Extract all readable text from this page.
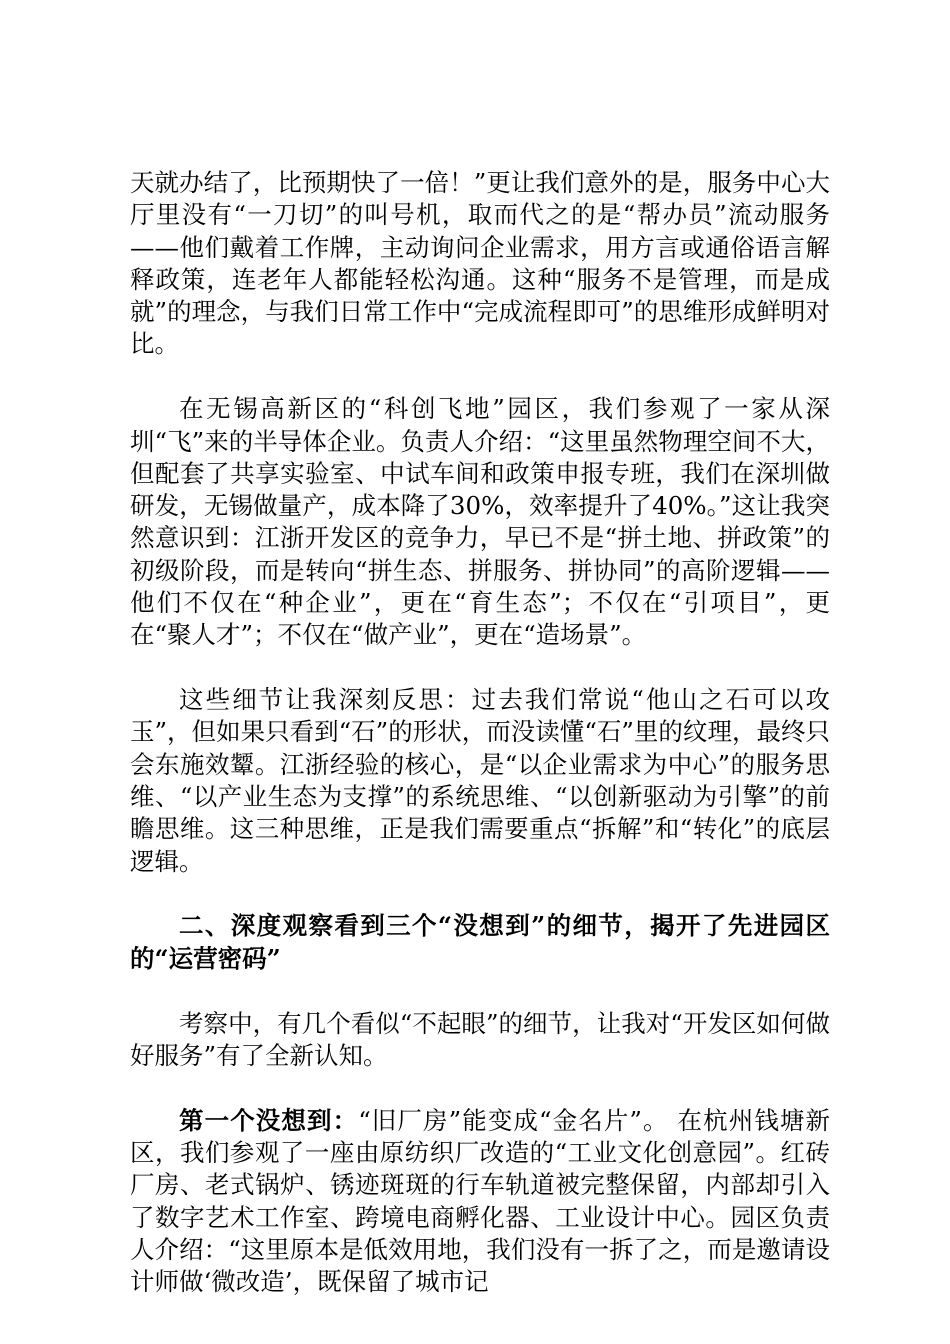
天就办结了，比预期快了一倍！”更让我们意外的是，服务中心大厅里没有“一刀切”的叫号机，取而代之的是“帮办员”流动服务——他们戴着工作牌，主动询问企业需求，用方言或通俗语言解释政策，连老年人都能轻松沟通。这种“服务不是管理，而是成就”的理念，与我们日常工作中“完成流程即可”的思维形成鲜明对比。

在无锡高新区的“科创飞地”园区，我们参观了一家从深圳“飞”来的半导体企业。负责人介绍：“这里虽然物理空间不大，但配套了共享实验室、中试车间和政策申报专班，我们在深圳做研发，无锡做量产，成本降了30%，效率提升了40%。”这让我突然意识到：江浙开发区的竞争力，早已不是“拼土地、拼政策”的初级阶段，而是转向“拼生态、拼服务、拼协同”的高阶逻辑——他们不仅在“种企业”，更在“育生态”；不仅在“引项目”，更在“聚人才”；不仅在“做产业”，更在“造场景”。

这些细节让我深刻反思：过去我们常说“他山之石可以攻玉”，但如果只看到“石”的形状，而没读懂“石”里的纹理，最终只会东施效颦。江浙经验的核心，是“以企业需求为中心”的服务思维、“以产业生态为支撑”的系统思维、“以创新驱动为引擎”的前瞻思维。这三种思维，正是我们需要重点“拆解”和“转化”的底层逻辑。

二、深度观察看到三个“没想到”的细节，揭开了先进园区的“运营密码”

考察中，有几个看似“不起眼”的细节，让我对“开发区如何做好服务”有了全新认知。

第一个没想到：“旧厂房”能变成“金名片”。 在杭州钱塘新区，我们参观了一座由原纺织厂改造的“工业文化创意园”。红砖厂房、老式锅炉、锈迹斑斑的行车轨道被完整保留，内部却引入了数字艺术工作室、跨境电商孵化器、工业设计中心。园区负责人介绍：“这里原本是低效用地，我们没有一拆了之，而是邀请设计师做‘微改造’，既保留了城市记
